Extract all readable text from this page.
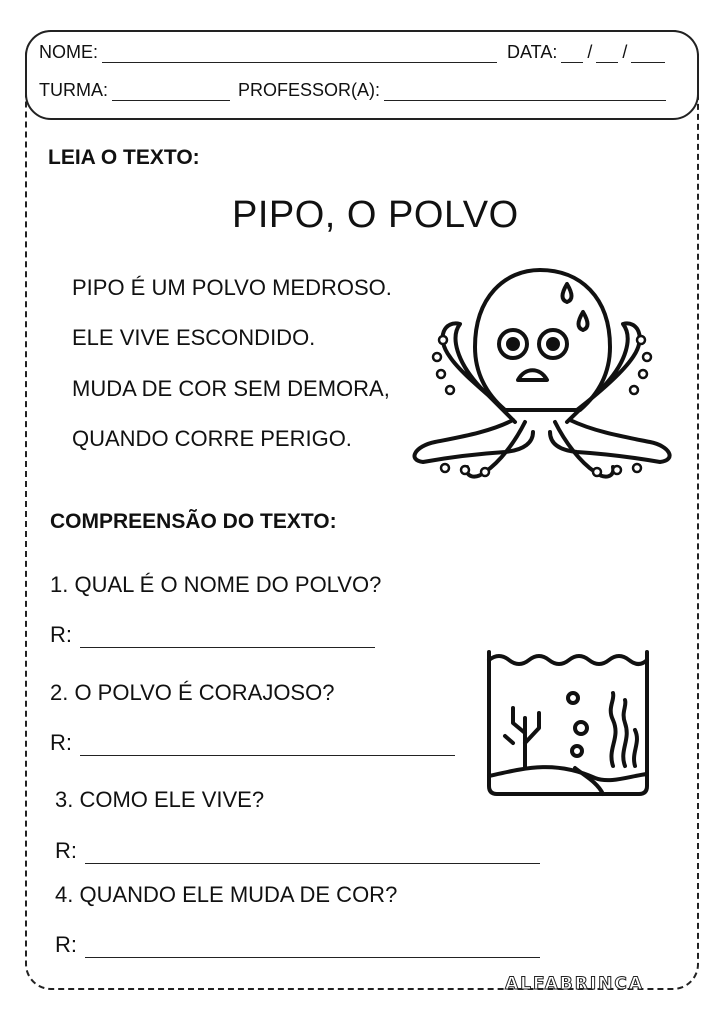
NOME:	DATA: / /
TURMA:	PROFESSOR(A):
LEIA O TEXTO:
PIPO, O POLVO
PIPO É UM POLVO MEDROSO.
ELE VIVE ESCONDIDO.
MUDA DE COR SEM DEMORA,
QUANDO CORRE PERIGO.
COMPREENSÃO DO TEXTO:
1. QUAL É O NOME DO POLVO?
R:
2. O POLVO É CORAJOSO?
R:
3. COMO ELE VIVE?
R:
4. QUANDO ELE MUDA DE COR?
R:
ALFABRINCA
